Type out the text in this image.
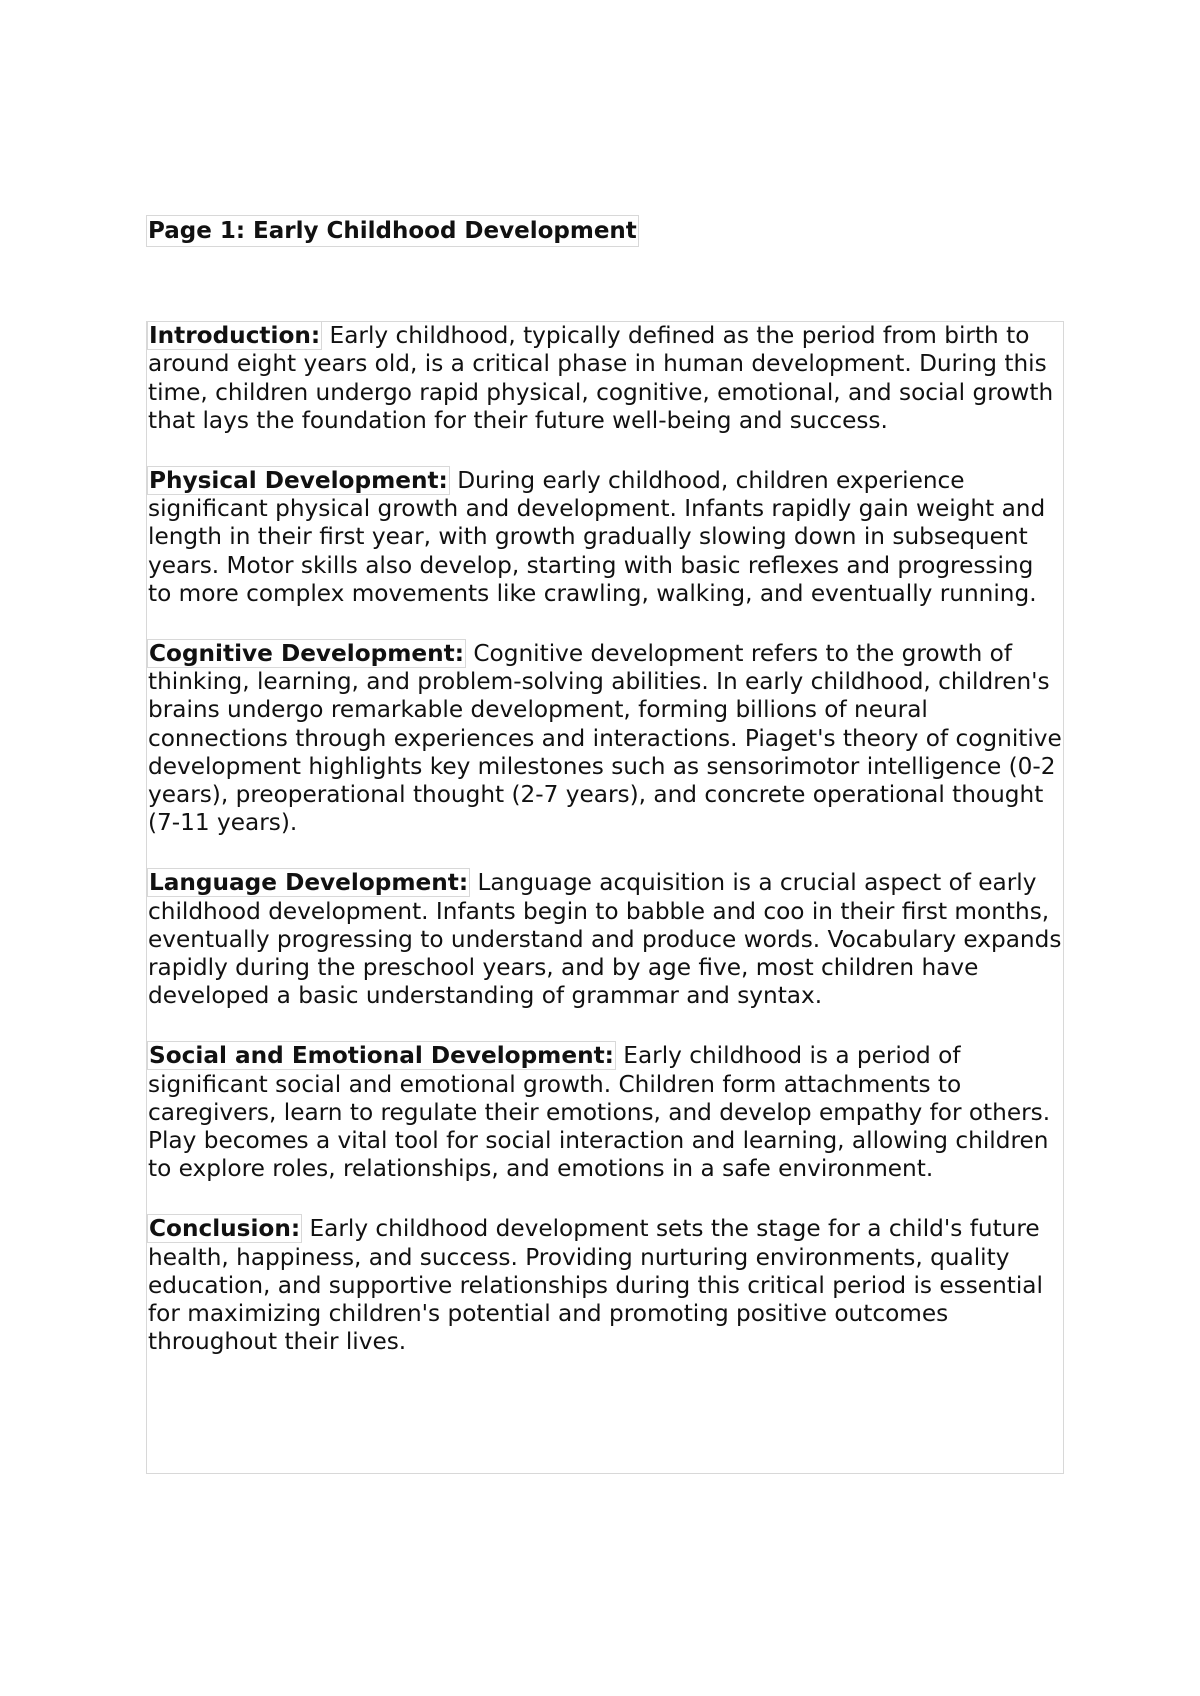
Page 1: Early Childhood Development

Introduction: Early childhood, typically defined as the period from birth to around eight years old, is a critical phase in human development. During this time, children undergo rapid physical, cognitive, emotional, and social growth that lays the foundation for their future well-being and success.

Physical Development: During early childhood, children experience significant physical growth and development. Infants rapidly gain weight and length in their first year, with growth gradually slowing down in subsequent years. Motor skills also develop, starting with basic reflexes and progressing to more complex movements like crawling, walking, and eventually running.

Cognitive Development: Cognitive development refers to the growth of thinking, learning, and problem-solving abilities. In early childhood, children's brains undergo remarkable development, forming billions of neural connections through experiences and interactions. Piaget's theory of cognitive development highlights key milestones such as sensorimotor intelligence (0-2 years), preoperational thought (2-7 years), and concrete operational thought (7-11 years).

Language Development: Language acquisition is a crucial aspect of early childhood development. Infants begin to babble and coo in their first months, eventually progressing to understand and produce words. Vocabulary expands rapidly during the preschool years, and by age five, most children have developed a basic understanding of grammar and syntax.

Social and Emotional Development: Early childhood is a period of significant social and emotional growth. Children form attachments to caregivers, learn to regulate their emotions, and develop empathy for others. Play becomes a vital tool for social interaction and learning, allowing children to explore roles, relationships, and emotions in a safe environment.

Conclusion: Early childhood development sets the stage for a child's future health, happiness, and success. Providing nurturing environments, quality education, and supportive relationships during this critical period is essential for maximizing children's potential and promoting positive outcomes throughout their lives.
